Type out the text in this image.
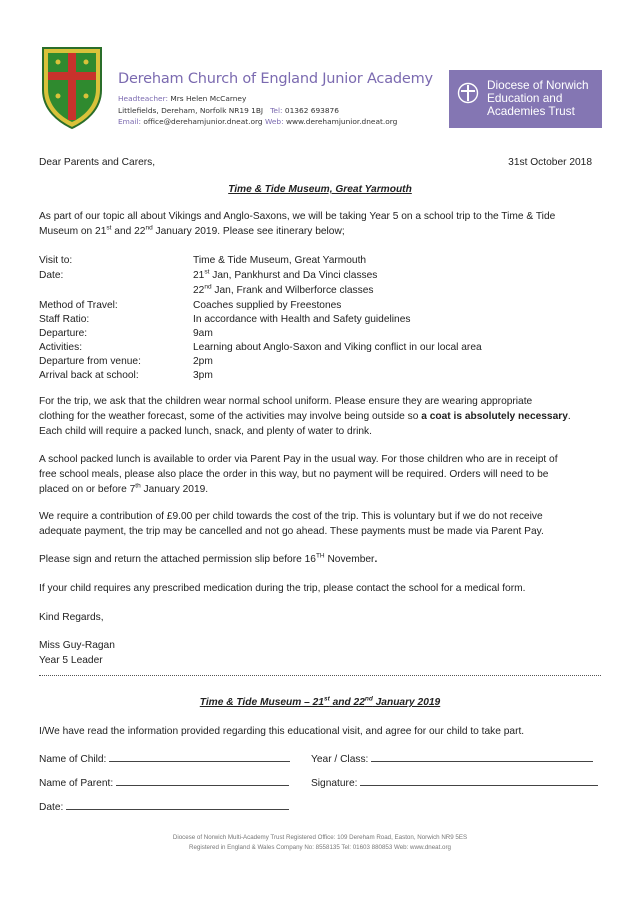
Dereham Church of England Junior Academy
Headteacher: Mrs Helen McCarney
Littlefields, Dereham, Norfolk NR19 1BJ Tel: 01362 693876
Email: office@derehamjunior.dneat.org Web: www.derehamjunior.dneat.org
Diocese of Norwich
Education and
Academies Trust
Dear Parents and Carers,	31st October 2018
Time & Tide Museum, Great Yarmouth
As part of our topic all about Vikings and Anglo-Saxons, we will be taking Year 5 on a school trip to the Time & Tide
Museum on 21st and 22nd January 2019. Please see itinerary below;
Visit to:	Time & Tide Museum, Great Yarmouth
Date:	21st Jan, Pankhurst and Da Vinci classes
22nd Jan, Frank and Wilberforce classes
Method of Travel:	Coaches supplied by Freestones
Staff Ratio:	In accordance with Health and Safety guidelines
Departure:	9am
Activities:	Learning about Anglo-Saxon and Viking conflict in our local area
Departure from venue:	2pm
Arrival back at school:	3pm
For the trip, we ask that the children wear normal school uniform. Please ensure they are wearing appropriate
clothing for the weather forecast, some of the activities may involve being outside so a coat is absolutely necessary.
Each child will require a packed lunch, snack, and plenty of water to drink.
A school packed lunch is available to order via Parent Pay in the usual way. For those children who are in receipt of
free school meals, please also place the order in this way, but no payment will be required. Orders will need to be
placed on or before 7th January 2019.
We require a contribution of £9.00 per child towards the cost of the trip. This is voluntary but if we do not receive
adequate payment, the trip may be cancelled and not go ahead. These payments must be made via Parent Pay.
Please sign and return the attached permission slip before 16TH November.
If your child requires any prescribed medication during the trip, please contact the school for a medical form.
Kind Regards,
Miss Guy-Ragan
Year 5 Leader
Time & Tide Museum – 21st and 22nd January 2019
I/We have read the information provided regarding this educational visit, and agree for our child to take part.
Name of Child:	Year / Class:
Name of Parent:	Signature:
Date:
Diocese of Norwich Multi-Academy Trust Registered Office: 109 Dereham Road, Easton, Norwich NR9 5ES
Registered in England & Wales Company No: 8558135 Tel: 01603 880853 Web: www.dneat.org
